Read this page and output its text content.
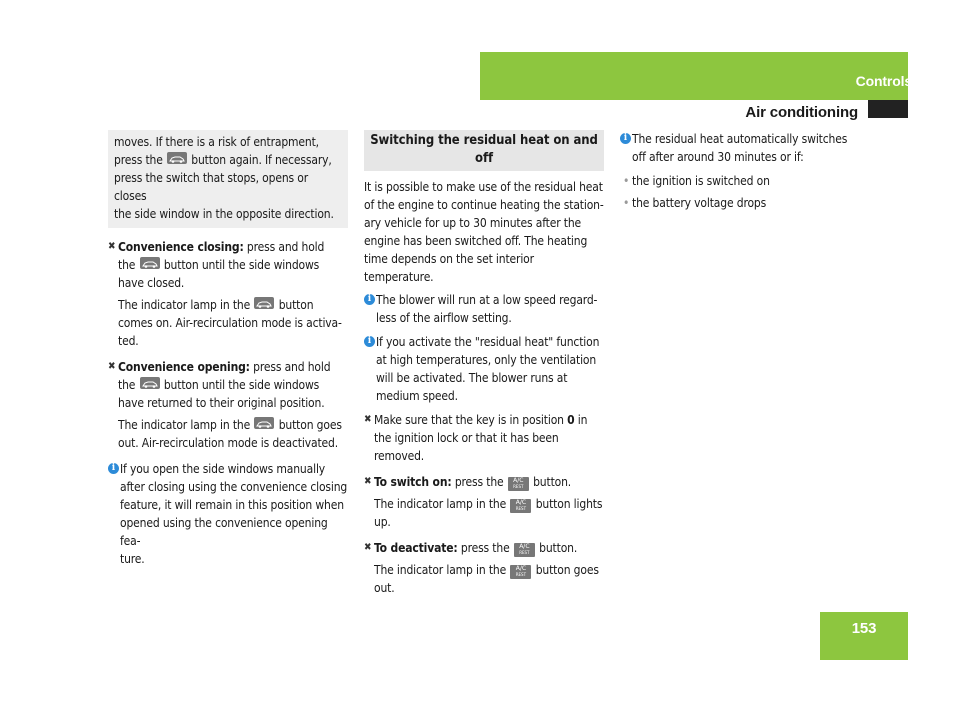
Controls
Air conditioning
153

moves. If there is a risk of entrapment,

press the button again. If necessary,

press the switch that stops, opens or closes

the side window in the opposite direction.

✖ Convenience closing: press and hold
the button until the side windows
have closed.

The indicator lamp in the button
comes on. Air-recirculation mode is activa-
ted.

✖ Convenience opening: press and hold
the button until the side windows
have returned to their original position.

The indicator lamp in the button goes
out. Air-recirculation mode is deactivated.

i If you open the side windows manually
after closing using the convenience closing
feature, it will remain in this position when
opened using the convenience opening fea-
ture.
Switching the residual heat on and off

It is possible to make use of the residual heat
of the engine to continue heating the station-
ary vehicle for up to 30 minutes after the
engine has been switched off. The heating
time depends on the set interior temperature.

i The blower will run at a low speed regard-
less of the airflow setting.
i If you activate the "residual heat" function
at high temperatures, only the ventilation
will be activated. The blower runs at
medium speed.
✖ Make sure that the key is in position 0 in
the ignition lock or that it has been
removed.

✖ To switch on: press the	A/C
REST button.

The indicator lamp in the	A/C
REST button lights
up.

✖ To deactivate: press the	A/C
REST button.

The indicator lamp in the	A/C
REST button goes
out.

i The residual heat automatically switches
off after around 30 minutes or if:
• the ignition is switched on
• the battery voltage drops
